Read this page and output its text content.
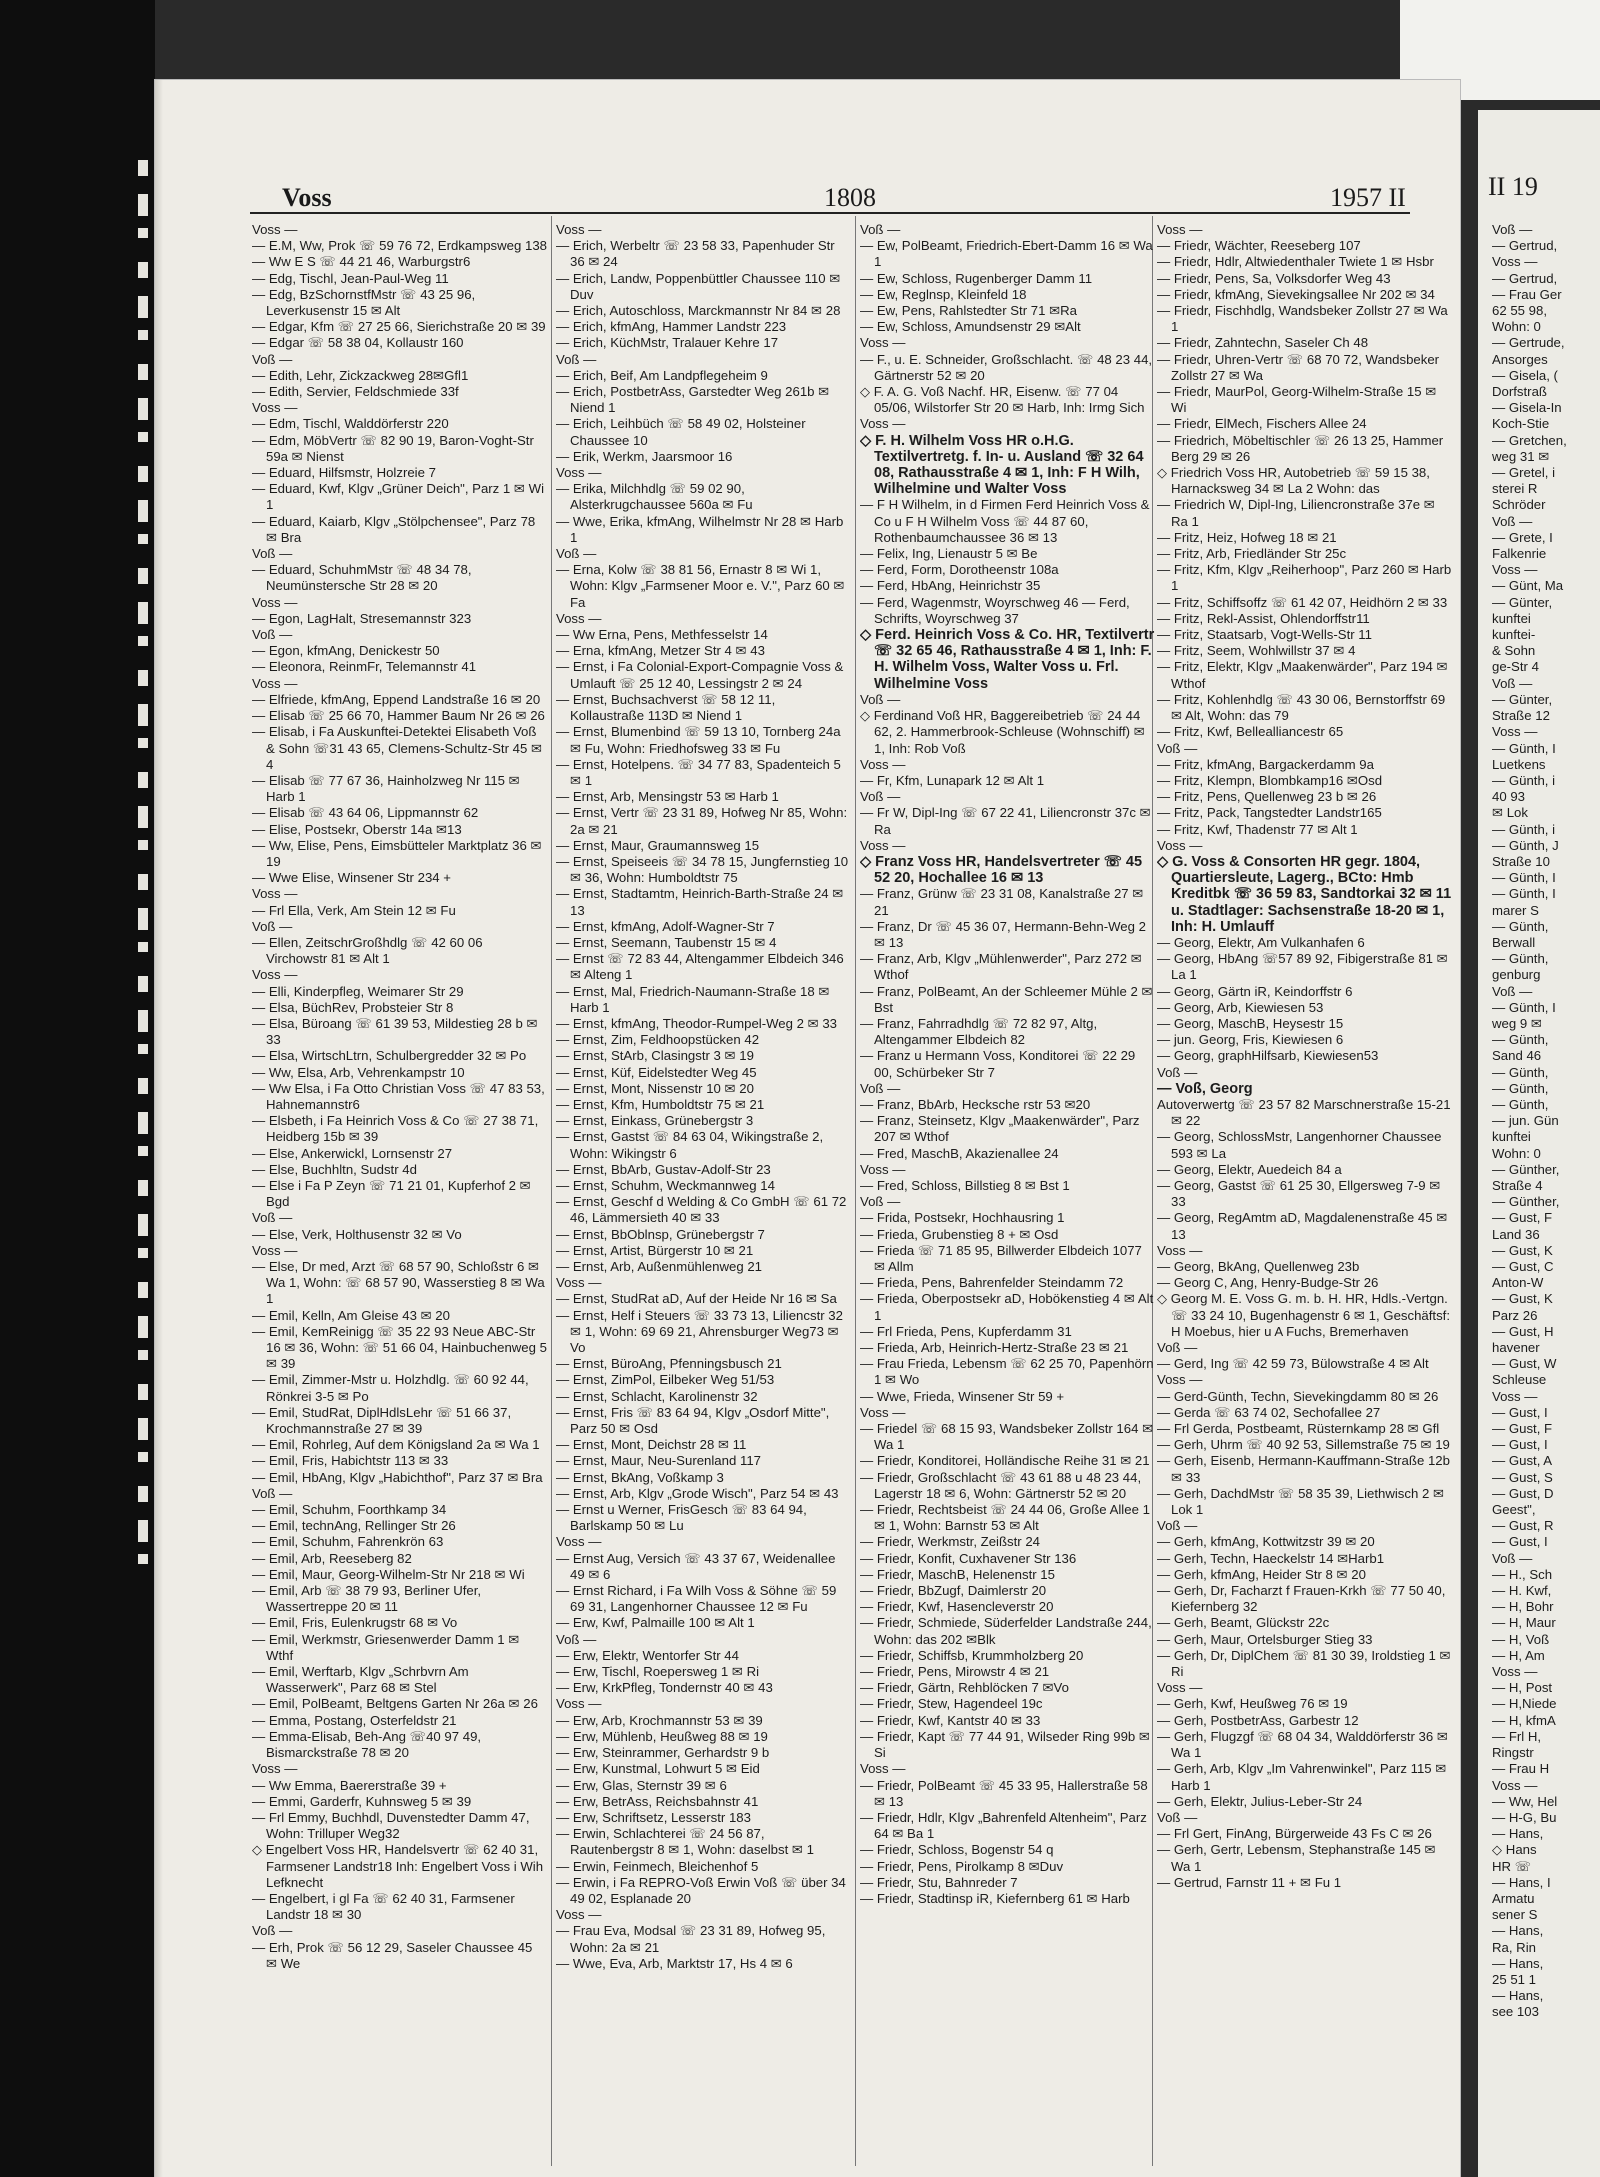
Voss	1808	1957 II

Voss —

— E.M, Ww, Prok ☏ 59 76 72, Erdkampsweg 138

— Ww E S ☏ 44 21 46, Warburgstr6

— Edg, Tischl, Jean-Paul-Weg 11

— Edg, BzSchornstfMstr ☏ 43 25 96, Leverkusenstr 15 ✉ Alt

— Edgar, Kfm ☏ 27 25 66, Sierichstraße 20 ✉ 39

— Edgar ☏ 58 38 04, Kollaustr 160

Voß —

— Edith, Lehr, Zickzackweg 28✉Gfl1

— Edith, Servier, Feldschmiede 33f

Voss —

— Edm, Tischl, Walddörferstr 220

— Edm, MöbVertr ☏ 82 90 19, Baron-Voght-Str 59a ✉ Nienst

— Eduard, Hilfsmstr, Holzreie 7

— Eduard, Kwf, Klgv „Grüner Deich", Parz 1 ✉ Wi 1

— Eduard, Kaiarb, Klgv „Stölpchensee", Parz 78 ✉ Bra

Voß —

— Eduard, SchuhmMstr ☏ 48 34 78, Neumünstersche Str 28 ✉ 20

Voss —

— Egon, LagHalt, Stresemannstr 323

Voß —

— Egon, kfmAng, Denickestr 50

— Eleonora, ReinmFr, Telemannstr 41

Voss —

— Elfriede, kfmAng, Eppend Landstraße 16 ✉ 20

— Elisab ☏ 25 66 70, Hammer Baum Nr 26 ✉ 26

— Elisab, i Fa Auskunftei-Detektei Elisabeth Voß & Sohn ☏31 43 65, Clemens-Schultz-Str 45 ✉ 4

— Elisab ☏ 77 67 36, Hainholzweg Nr 115 ✉ Harb 1

— Elisab ☏ 43 64 06, Lippmannstr 62

— Elise, Postsekr, Oberstr 14a ✉13

— Ww, Elise, Pens, Eimsbütteler Marktplatz 36 ✉ 19

— Wwe Elise, Winsener Str 234 +

Voss —

— Frl Ella, Verk, Am Stein 12 ✉ Fu

Voß —

— Ellen, ZeitschrGroßhdlg ☏ 42 60 06 Virchowstr 81 ✉ Alt 1

Voss —

— Elli, Kinderpfleg, Weimarer Str 29

— Elsa, BüchRev, Probsteier Str 8

— Elsa, Büroang ☏ 61 39 53, Mildestieg 28 b ✉ 33

— Elsa, WirtschLtrn, Schulbergredder 32 ✉ Po

— Ww, Elsa, Arb, Vehrenkampstr 10

— Ww Elsa, i Fa Otto Christian Voss ☏ 47 83 53, Hahnemannstr6

— Elsbeth, i Fa Heinrich Voss & Co ☏ 27 38 71, Heidberg 15b ✉ 39

— Else, Ankerwickl, Lornsenstr 27

— Else, Buchhltn, Sudstr 4d

— Else i Fa P Zeyn ☏ 71 21 01, Kupferhof 2 ✉ Bgd

Voß —

— Else, Verk, Holthusenstr 32 ✉ Vo

Voss —

— Else, Dr med, Arzt ☏ 68 57 90, Schloßstr 6 ✉ Wa 1, Wohn: ☏ 68 57 90, Wasserstieg 8 ✉ Wa 1

— Emil, Kelln, Am Gleise 43 ✉ 20

— Emil, KemReinigg ☏ 35 22 93 Neue ABC-Str 16 ✉ 36, Wohn: ☏ 51 66 04, Hainbuchenweg 5 ✉ 39

— Emil, Zimmer-Mstr u. Holzhdlg. ☏ 60 92 44, Rönkrei 3-5 ✉ Po

— Emil, StudRat, DiplHdlsLehr ☏ 51 66 37, Krochmannstraße 27 ✉ 39

— Emil, Rohrleg, Auf dem Königsland 2a ✉ Wa 1

— Emil, Fris, Habichtstr 113 ✉ 33

— Emil, HbAng, Klgv „Habichthof", Parz 37 ✉ Bra

Voß —

— Emil, Schuhm, Foorthkamp 34

— Emil, technAng, Rellinger Str 26

— Emil, Schuhm, Fahrenkrön 63

— Emil, Arb, Reeseberg 82

— Emil, Maur, Georg-Wilhelm-Str Nr 218 ✉ Wi

— Emil, Arb ☏ 38 79 93, Berliner Ufer, Wassertreppe 20 ✉ 11

— Emil, Fris, Eulenkrugstr 68 ✉ Vo

— Emil, Werkmstr, Griesenwerder Damm 1 ✉ Wthf

— Emil, Werftarb, Klgv „Schrbvrn Am Wasserwerk", Parz 68 ✉ Stel

— Emil, PolBeamt, Beltgens Garten Nr 26a ✉ 26

— Emma, Postang, Osterfeldstr 21

— Emma-Elisab, Beh-Ang ☏40 97 49, Bismarckstraße 78 ✉ 20

Voss —

— Ww Emma, Baererstraße 39 +

— Emmi, Garderfr, Kuhnsweg 5 ✉ 39

— Frl Emmy, Buchhdl, Duvenstedter Damm 47, Wohn: Trilluper Weg32

◇ Engelbert Voss HR, Handelsvertr ☏ 62 40 31, Farmsener Landstr18 Inh: Engelbert Voss i Wih Lefknecht

— Engelbert, i gl Fa ☏ 62 40 31, Farmsener Landstr 18 ✉ 30

Voß —

— Erh, Prok ☏ 56 12 29, Saseler Chaussee 45 ✉ We

Voss —

— Erich, Werbeltr ☏ 23 58 33, Papenhuder Str 36 ✉ 24

— Erich, Landw, Poppenbüttler Chaussee 110 ✉ Duv

— Erich, Autoschloss, Marckmannstr Nr 84 ✉ 28

— Erich, kfmAng, Hammer Landstr 223

— Erich, KüchMstr, Tralauer Kehre 17

Voß —

— Erich, Beif, Am Landpflegeheim 9

— Erich, PostbetrAss, Garstedter Weg 261b ✉ Niend 1

— Erich, Leihbüch ☏ 58 49 02, Holsteiner Chaussee 10

— Erik, Werkm, Jaarsmoor 16

Voss —

— Erika, Milchhdlg ☏ 59 02 90, Alsterkrugchaussee 560a ✉ Fu

— Wwe, Erika, kfmAng, Wilhelmstr Nr 28 ✉ Harb 1

Voß —

— Erna, Kolw ☏ 38 81 56, Ernastr 8 ✉ Wi 1, Wohn: Klgv „Farmsener Moor e. V.", Parz 60 ✉ Fa

Voss —

— Ww Erna, Pens, Methfesselstr 14

— Erna, kfmAng, Metzer Str 4 ✉ 43

— Ernst, i Fa Colonial-Export-Compagnie Voss & Umlauft ☏ 25 12 40, Lessingstr 2 ✉ 24

— Ernst, Buchsachverst ☏ 58 12 11, Kollaustraße 113D ✉ Niend 1

— Ernst, Blumenbind ☏ 59 13 10, Tornberg 24a ✉ Fu, Wohn: Friedhofsweg 33 ✉ Fu

— Ernst, Hotelpens. ☏ 34 77 83, Spadenteich 5 ✉ 1

— Ernst, Arb, Mensingstr 53 ✉ Harb 1

— Ernst, Vertr ☏ 23 31 89, Hofweg Nr 85, Wohn: 2a ✉ 21

— Ernst, Maur, Graumannsweg 15

— Ernst, Speiseeis ☏ 34 78 15, Jungfernstieg 10 ✉ 36, Wohn: Humboldtstr 75

— Ernst, Stadtamtm, Heinrich-Barth-Straße 24 ✉ 13

— Ernst, kfmAng, Adolf-Wagner-Str 7

— Ernst, Seemann, Taubenstr 15 ✉ 4

— Ernst ☏ 72 83 44, Altengammer Elbdeich 346 ✉ Alteng 1

— Ernst, Mal, Friedrich-Naumann-Straße 18 ✉ Harb 1

— Ernst, kfmAng, Theodor-Rumpel-Weg 2 ✉ 33

— Ernst, Zim, Feldhoopstücken 42

— Ernst, StArb, Clasingstr 3 ✉ 19

— Ernst, Küf, Eidelstedter Weg 45

— Ernst, Mont, Nissenstr 10 ✉ 20

— Ernst, Kfm, Humboldtstr 75 ✉ 21

— Ernst, Einkass, Grünebergstr 3

— Ernst, Gastst ☏ 84 63 04, Wikingstraße 2, Wohn: Wikingstr 6

— Ernst, BbArb, Gustav-Adolf-Str 23

— Ernst, Schuhm, Weckmannweg 14

— Ernst, Geschf d Welding & Co GmbH ☏ 61 72 46, Lämmersieth 40 ✉ 33

— Ernst, BbOblnsp, Grünebergstr 7

— Ernst, Artist, Bürgerstr 10 ✉ 21

— Ernst, Arb, Außenmühlenweg 21

Voss —

— Ernst, StudRat aD, Auf der Heide Nr 16 ✉ Sa

— Ernst, Helf i Steuers ☏ 33 73 13, Liliencstr 32 ✉ 1, Wohn: 69 69 21, Ahrensburger Weg73 ✉Vo

— Ernst, BüroAng, Pfenningsbusch 21

— Ernst, ZimPol, Eilbeker Weg 51/53

— Ernst, Schlacht, Karolinenstr 32

— Ernst, Fris ☏ 83 64 94, Klgv „Osdorf Mitte", Parz 50 ✉ Osd

— Ernst, Mont, Deichstr 28 ✉ 11

— Ernst, Maur, Neu-Surenland 117

— Ernst, BkAng, Voßkamp 3

— Ernst, Arb, Klgv „Grode Wisch", Parz 54 ✉ 43

— Ernst u Werner, FrisGesch ☏ 83 64 94, Barlskamp 50 ✉ Lu

Voss —

— Ernst Aug, Versich ☏ 43 37 67, Weidenallee 49 ✉ 6

— Ernst Richard, i Fa Wilh Voss & Söhne ☏ 59 69 31, Langenhorner Chaussee 12 ✉ Fu

— Erw, Kwf, Palmaille 100 ✉ Alt 1

Voß —

— Erw, Elektr, Wentorfer Str 44

— Erw, Tischl, Roepersweg 1 ✉ Ri

— Erw, KrkPfleg, Tondernstr 40 ✉ 43

Voss —

— Erw, Arb, Krochmannstr 53 ✉ 39

— Erw, Mühlenb, Heußweg 88 ✉ 19

— Erw, Steinrammer, Gerhardstr 9 b

— Erw, Kunstmal, Lohwurt 5 ✉ Eid

— Erw, Glas, Sternstr 39 ✉ 6

— Erw, BetrAss, Reichsbahnstr 41

— Erw, Schriftsetz, Lesserstr 183

— Erwin, Schlachterei ☏ 24 56 87, Rautenbergstr 8 ✉ 1, Wohn: daselbst ✉ 1

— Erwin, Feinmech, Bleichenhof 5

— Erwin, i Fa REPRO-Voß Erwin Voß ☏ über 34 49 02, Esplanade 20

Voss —

— Frau Eva, Modsal ☏ 23 31 89, Hofweg 95, Wohn: 2a ✉ 21

— Wwe, Eva, Arb, Marktstr 17, Hs 4 ✉ 6

Voß —

— Ew, PolBeamt, Friedrich-Ebert-Damm 16 ✉ Wa 1

— Ew, Schloss, Rugenberger Damm 11

— Ew, Reglnsp, Kleinfeld 18

— Ew, Pens, Rahlstedter Str 71 ✉Ra

— Ew, Schloss, Amundsenstr 29 ✉Alt

Voss —

— F., u. E. Schneider, Großschlacht. ☏ 48 23 44, Gärtnerstr 52 ✉ 20

◇ F. A. G. Voß Nachf. HR, Eisenw. ☏ 77 04 05/06, Wilstorfer Str 20 ✉ Harb, Inh: Irmg Sich

Voss —

◇ F. H. Wilhelm Voss HR o.H.G. Textilvertretg. f. In- u. Ausland ☏ 32 64 08, Rathausstraße 4 ✉ 1, Inh: F H Wilh, Wilhelmine und Walter Voss

— F H Wilhelm, in d Firmen Ferd Heinrich Voss & Co u F H Wilhelm Voss ☏ 44 87 60, Rothenbaumchaussee 36 ✉ 13

— Felix, Ing, Lienaustr 5 ✉ Be

— Ferd, Form, Dorotheenstr 108a

— Ferd, HbAng, Heinrichstr 35

— Ferd, Wagenmstr, Woyrschweg 46 — Ferd, Schrifts, Woyrschweg 37

◇ Ferd. Heinrich Voss & Co. HR, Textilvertr ☏ 32 65 46, Rathausstraße 4 ✉ 1, Inh: F. H. Wilhelm Voss, Walter Voss u. Frl. Wilhelmine Voss

Voß —

◇ Ferdinand Voß HR, Baggereibetrieb ☏ 24 44 62, 2. Hammerbrook-Schleuse (Wohnschiff) ✉ 1, Inh: Rob Voß

Voss —

— Fr, Kfm, Lunapark 12 ✉ Alt 1

Voß —

— Fr W, Dipl-Ing ☏ 67 22 41, Liliencronstr 37c ✉ Ra

Voss —

◇ Franz Voss HR, Handelsvertreter ☏ 45 52 20, Hochallee 16 ✉ 13

— Franz, Grünw ☏ 23 31 08, Kanalstraße 27 ✉ 21

— Franz, Dr ☏ 45 36 07, Hermann-Behn-Weg 2 ✉ 13

— Franz, Arb, Klgv „Mühlenwerder", Parz 272 ✉ Wthof

— Franz, PolBeamt, An der Schleemer Mühle 2 ✉ Bst

— Franz, Fahrradhdlg ☏ 72 82 97, Altg, Altengammer Elbdeich 82

— Franz u Hermann Voss, Konditorei ☏ 22 29 00, Schürbeker Str 7

Voß —

— Franz, BbArb, Hecksche rstr 53 ✉20

— Franz, Steinsetz, Klgv „Maakenwärder", Parz 207 ✉ Wthof

— Fred, MaschB, Akazienallee 24

Voss —

— Fred, Schloss, Billstieg 8 ✉ Bst 1

Voß —

— Frida, Postsekr, Hochhausring 1

— Frieda, Grubenstieg 8 + ✉ Osd

— Frieda ☏ 71 85 95, Billwerder Elbdeich 1077 ✉ Allm

— Frieda, Pens, Bahrenfelder Steindamm 72

— Frieda, Oberpostsekr aD, Hobökenstieg 4 ✉ Alt 1

— Frl Frieda, Pens, Kupferdamm 31

— Frieda, Arb, Heinrich-Hertz-Straße 23 ✉ 21

— Frau Frieda, Lebensm ☏ 62 25 70, Papenhörn 1 ✉ Wo

— Wwe, Frieda, Winsener Str 59 +

Voss —

— Friedel ☏ 68 15 93, Wandsbeker Zollstr 164 ✉ Wa 1

— Friedr, Konditorei, Holländische Reihe 31 ✉ 21

— Friedr, Großschlacht ☏ 43 61 88 u 48 23 44, Lagerstr 18 ✉ 6, Wohn: Gärtnerstr 52 ✉ 20

— Friedr, Rechtsbeist ☏ 24 44 06, Große Allee 1 ✉ 1, Wohn: Barnstr 53 ✉ Alt

— Friedr, Werkmstr, Zeißstr 24

— Friedr, Konfit, Cuxhavener Str 136

— Friedr, MaschB, Helenenstr 15

— Friedr, BbZugf, Daimlerstr 20

— Friedr, Kwf, Hasencleverstr 20

— Friedr, Schmiede, Süderfelder Landstraße 244, Wohn: das 202 ✉Blk

— Friedr, Schiffsb, Krummholzberg 20

— Friedr, Pens, Mirowstr 4 ✉ 21

— Friedr, Gärtn, Rehblöcken 7 ✉Vo

— Friedr, Stew, Hagendeel 19c

— Friedr, Kwf, Kantstr 40 ✉ 33

— Friedr, Kapt ☏ 77 44 91, Wilseder Ring 99b ✉ Si

Voss —

— Friedr, PolBeamt ☏ 45 33 95, Hallerstraße 58 ✉ 13

— Friedr, Hdlr, Klgv „Bahrenfeld Altenheim", Parz 64 ✉ Ba 1

— Friedr, Schloss, Bogenstr 54 q

— Friedr, Pens, Pirolkamp 8 ✉Duv

— Friedr, Stu, Bahnreder 7

— Friedr, Stadtinsp iR, Kiefernberg 61 ✉ Harb

Voss —

— Friedr, Wächter, Reeseberg 107

— Friedr, Hdlr, Altwiedenthaler Twiete 1 ✉ Hsbr

— Friedr, Pens, Sa, Volksdorfer Weg 43

— Friedr, kfmAng, Sievekingsallee Nr 202 ✉ 34

— Friedr, Fischhdlg, Wandsbeker Zollstr 27 ✉ Wa 1

— Friedr, Zahntechn, Saseler Ch 48

— Friedr, Uhren-Vertr ☏ 68 70 72, Wandsbeker Zollstr 27 ✉ Wa

— Friedr, MaurPol, Georg-Wilhelm-Straße 15 ✉ Wi

— Friedr, ElMech, Fischers Allee 24

— Friedrich, Möbeltischler ☏ 26 13 25, Hammer Berg 29 ✉ 26

◇ Friedrich Voss HR, Autobetrieb ☏ 59 15 38, Harnacksweg 34 ✉ La 2 Wohn: das

— Friedrich W, Dipl-Ing, Liliencronstraße 37e ✉ Ra 1

— Fritz, Heiz, Hofweg 18 ✉ 21

— Fritz, Arb, Friedländer Str 25c

— Fritz, Kfm, Klgv „Reiherhoop", Parz 260 ✉ Harb 1

— Fritz, Schiffsoffz ☏ 61 42 07, Heidhörn 2 ✉ 33

— Fritz, Rekl-Assist, Ohlendorffstr11

— Fritz, Staatsarb, Vogt-Wells-Str 11

— Fritz, Seem, Wohlwillstr 37 ✉ 4

— Fritz, Elektr, Klgv „Maakenwärder", Parz 194 ✉ Wthof

— Fritz, Kohlenhdlg ☏ 43 30 06, Bernstorffstr 69 ✉ Alt, Wohn: das 79

— Fritz, Kwf, Bellealliancestr 65

Voß —

— Fritz, kfmAng, Bargackerdamm 9a

— Fritz, Klempn, Blombkamp16 ✉Osd

— Fritz, Pens, Quellenweg 23 b ✉ 26

— Fritz, Pack, Tangstedter Landstr165

— Fritz, Kwf, Thadenstr 77 ✉ Alt 1

Voss —

◇ G. Voss & Consorten HR gegr. 1804, Quartiersleute, Lagerg., BCto: Hmb Kreditbk ☏ 36 59 83, Sandtorkai 32 ✉ 11 u. Stadtlager: Sachsenstraße 18-20 ✉ 1, Inh: H. Umlauff

— Georg, Elektr, Am Vulkanhafen 6

— Georg, HbAng ☏57 89 92, Fibigerstraße 81 ✉ La 1

— Georg, Gärtn iR, Keindorffstr 6

— Georg, Arb, Kiewiesen 53

— Georg, MaschB, Heysestr 15

— jun. Georg, Fris, Kiewiesen 6

— Georg, graphHilfsarb, Kiewiesen53

Voß —

— Voß, Georg

Autoverwertg ☏ 23 57 82 Marschnerstraße 15-21 ✉ 22

— Georg, SchlossMstr, Langenhorner Chaussee 593 ✉ La

— Georg, Elektr, Auedeich 84 a

— Georg, Gastst ☏ 61 25 30, Ellgersweg 7-9 ✉ 33

— Georg, RegAmtm aD, Magdalenenstraße 45 ✉ 13

Voss —

— Georg, BkAng, Quellenweg 23b

— Georg C, Ang, Henry-Budge-Str 26

◇ Georg M. E. Voss G. m. b. H. HR, Hdls.-Vertgn. ☏ 33 24 10, Bugenhagenstr 6 ✉ 1, Geschäftsf: H Moebus, hier u A Fuchs, Bremerhaven

Voß —

— Gerd, Ing ☏ 42 59 73, Bülowstraße 4 ✉ Alt

Voss —

— Gerd-Günth, Techn, Sievekingdamm 80 ✉ 26

— Gerda ☏ 63 74 02, Sechofallee 27

— Frl Gerda, Postbeamt, Rüsternkamp 28 ✉ Gfl

— Gerh, Uhrm ☏ 40 92 53, Sillemstraße 75 ✉ 19

— Gerh, Eisenb, Hermann-Kauffmann-Straße 12b ✉ 33

— Gerh, DachdMstr ☏ 58 35 39, Liethwisch 2 ✉ Lok 1

Voß —

— Gerh, kfmAng, Kottwitzstr 39 ✉ 20

— Gerh, Techn, Haeckelstr 14 ✉Harb1

— Gerh, kfmAng, Heider Str 8 ✉ 20

— Gerh, Dr, Facharzt f Frauen-Krkh ☏ 77 50 40, Kiefernberg 32

— Gerh, Beamt, Glückstr 22c

— Gerh, Maur, Ortelsburger Stieg 33

— Gerh, Dr, DiplChem ☏ 81 30 39, Iroldstieg 1 ✉ Ri

Voss —

— Gerh, Kwf, Heußweg 76 ✉ 19

— Gerh, PostbetrAss, Garbestr 12

— Gerh, Flugzgf ☏ 68 04 34, Walddörferstr 36 ✉ Wa 1

— Gerh, Arb, Klgv „Im Vahrenwinkel", Parz 115 ✉ Harb 1

— Gerh, Elektr, Julius-Leber-Str 24

Voß —

— Frl Gert, FinAng, Bürgerweide 43 Fs C ✉ 26

— Gerh, Gertr, Lebensm, Stephanstraße 145 ✉ Wa 1

— Gertrud, Farnstr 11 + ✉ Fu 1

II 19
Voß —
— Gertrud,
Voss —
— Gertrud,
— Frau Ger
62 55 98,
Wohn: 0
— Gertrude,
Ansorges
— Gisela, (
Dorfstraß
— Gisela-In
Koch-Stie
— Gretchen,
weg 31 ✉
— Gretel, i
sterei R
Schröder
Voß —
— Grete, I
Falkenrie
Voss —
— Günt, Ma
— Günter,
kunftei
kunftei-
& Sohn
ge-Str 4
Voß —
— Günter,
Straße 12
Voss —
— Günth, I
Luetkens
— Günth, i
40 93
✉ Lok
— Günth, i
— Günth, J
Straße 10
— Günth, I
— Günth, I
marer S
— Günth,
Berwall
— Günth,
genburg
Voß —
— Günth, I
weg 9 ✉
— Günth,
Sand 46
— Günth,
— Günth,
— Günth,
— jun. Gün
kunftei
Wohn: 0
— Günther,
Straße 4
— Günther,
— Gust, F
Land 36
— Gust, K
— Gust, C
Anton-W
— Gust, K
Parz 26
— Gust, H
havener
— Gust, W
Schleuse
Voss —
— Gust, I
— Gust, F
— Gust, I
— Gust, A
— Gust, S
— Gust, D
Geest",
— Gust, R
— Gust, I
Voß —
— H., Sch
— H. Kwf,
— H, Bohr
— H, Maur
— H, Voß
— H, Am
Voss —
— H, Post
— H,Niede
— H, kfmA
— Frl H,
Ringstr
— Frau H
Voss —
— Ww, Hel
— H-G, Bu
— Hans,
◇ Hans
HR ☏
— Hans, I
Armatu
sener S
— Hans,
Ra, Rin
— Hans,
25 51 1
— Hans,
see 103
